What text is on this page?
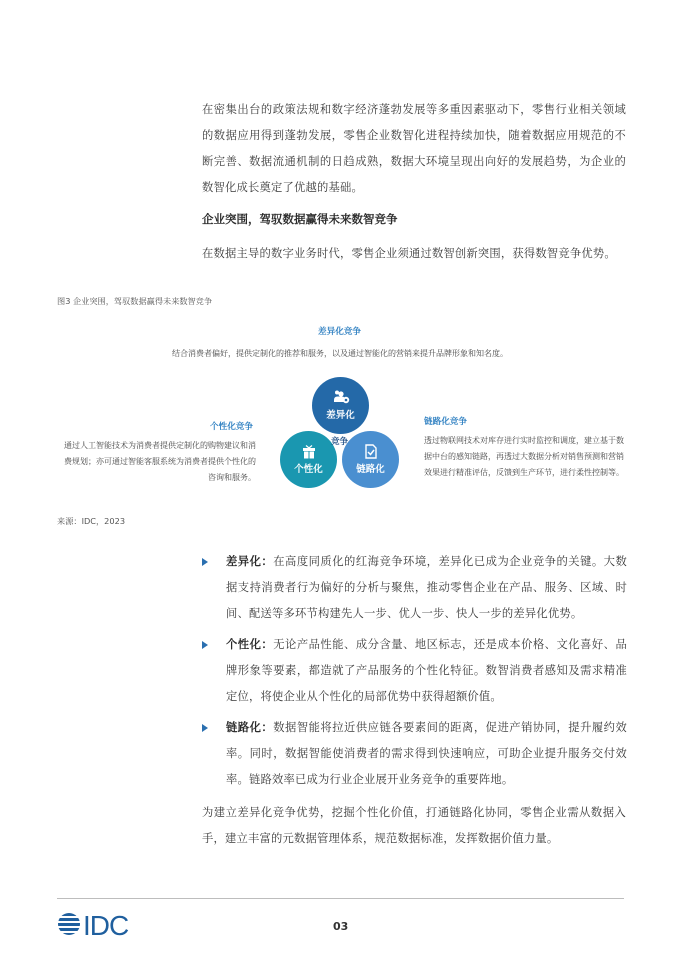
在密集出台的政策法规和数字经济蓬勃发展等多重因素驱动下，零售行业相关领域的数据应用得到蓬勃发展，零售企业数智化进程持续加快，随着数据应用规范的不断完善、数据流通机制的日趋成熟，数据大环境呈现出向好的发展趋势，为企业的数智化成长奠定了优越的基础。
企业突围，驾驭数据赢得未来数智竞争
在数据主导的数字业务时代，零售企业须通过数智创新突围，获得数智竞争优势。
图3 企业突围，驾驭数据赢得未来数智竞争
差异化竞争
结合消费者偏好，提供定制化的推荐和服务，以及通过智能化的营销来提升品牌形象和知名度。
个性化竞争
通过人工智能技术为消费者提供定制化的购物建议和消费规划；亦可通过智能客服系统为消费者提供个性化的咨询和服务。
链路化竞争
透过物联网技术对库存进行实时监控和调度，建立基于数据中台的感知链路，再透过大数据分析对销售预测和营销效果进行精准评估，反馈到生产环节，进行柔性控制等。
差异化
个性化	链路化
竞争
来源：IDC，2023
差异化：在高度同质化的红海竞争环境，差异化已成为企业竞争的关键。大数据支持消费者行为偏好的分析与聚焦，推动零售企业在产品、服务、区域、时间、配送等多环节构建先人一步、优人一步、快人一步的差异化优势。
个性化：无论产品性能、成分含量、地区标志，还是成本价格、文化喜好、品牌形象等要素，都造就了产品服务的个性化特征。数智消费者感知及需求精准定位，将使企业从个性化的局部优势中获得超额价值。
链路化：数据智能将拉近供应链各要素间的距离，促进产销协同，提升履约效率。同时，数据智能使消费者的需求得到快速响应，可助企业提升服务交付效率。链路效率已成为行业企业展开业务竞争的重要阵地。
为建立差异化竞争优势，挖掘个性化价值，打通链路化协同，零售企业需从数据入手，建立丰富的元数据管理体系，规范数据标准，发挥数据价值力量。
IDC	03
